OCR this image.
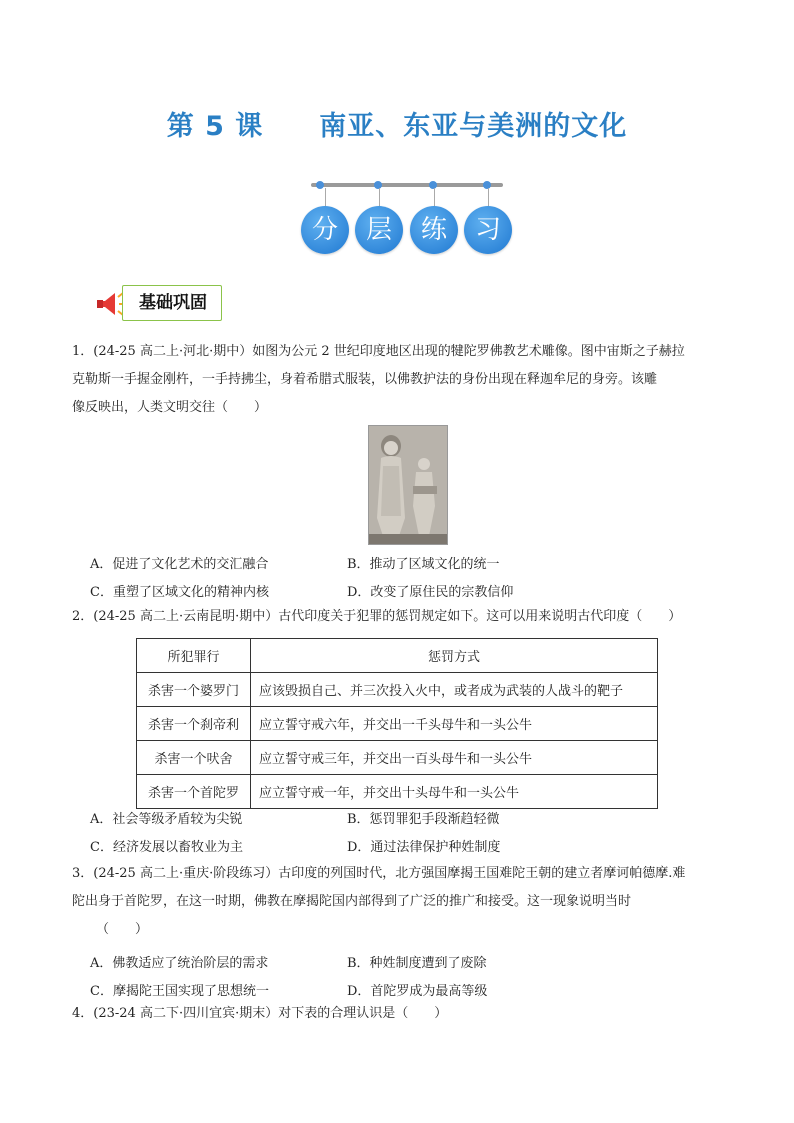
第 5 课 南亚、东亚与美洲的文化
分	层	练	习
基础巩固
1．(24-25 高二上·河北·期中）如图为公元 2 世纪印度地区出现的犍陀罗佛教艺术雕像。图中宙斯之子赫拉
克勒斯一手握金刚杵，一手持拂尘，身着希腊式服装，以佛教护法的身份出现在释迦牟尼的身旁。该雕
像反映出，人类文明交往（　　）
A．促进了文化艺术的交汇融合	B．推动了区域文化的统一
C．重塑了区域文化的精神内核	D．改变了原住民的宗教信仰
2．(24-25 高二上·云南昆明·期中）古代印度关于犯罪的惩罚规定如下。这可以用来说明古代印度（　　）
所犯罪行	惩罚方式
杀害一个婆罗门	应该毁损自己、并三次投入火中，或者成为武装的人战斗的靶子
杀害一个刹帝利	应立誓守戒六年，并交出一千头母牛和一头公牛
杀害一个吠舍	应立誓守戒三年，并交出一百头母牛和一头公牛
杀害一个首陀罗	应立誓守戒一年，并交出十头母牛和一头公牛
A．社会等级矛盾较为尖锐	B．惩罚罪犯手段渐趋轻微
C．经济发展以畜牧业为主	D．通过法律保护种姓制度
3．(24-25 高二上·重庆·阶段练习）古印度的列国时代，北方强国摩揭王国难陀王朝的建立者摩诃帕德摩.难
陀出身于首陀罗，在这一时期，佛教在摩揭陀国内部得到了广泛的推广和接受。这一现象说明当时
（　　）
A．佛教适应了统治阶层的需求	B．种姓制度遭到了废除
C．摩揭陀王国实现了思想统一	D．首陀罗成为最高等级
4．(23-24 高二下·四川宜宾·期末）对下表的合理认识是（　　）
